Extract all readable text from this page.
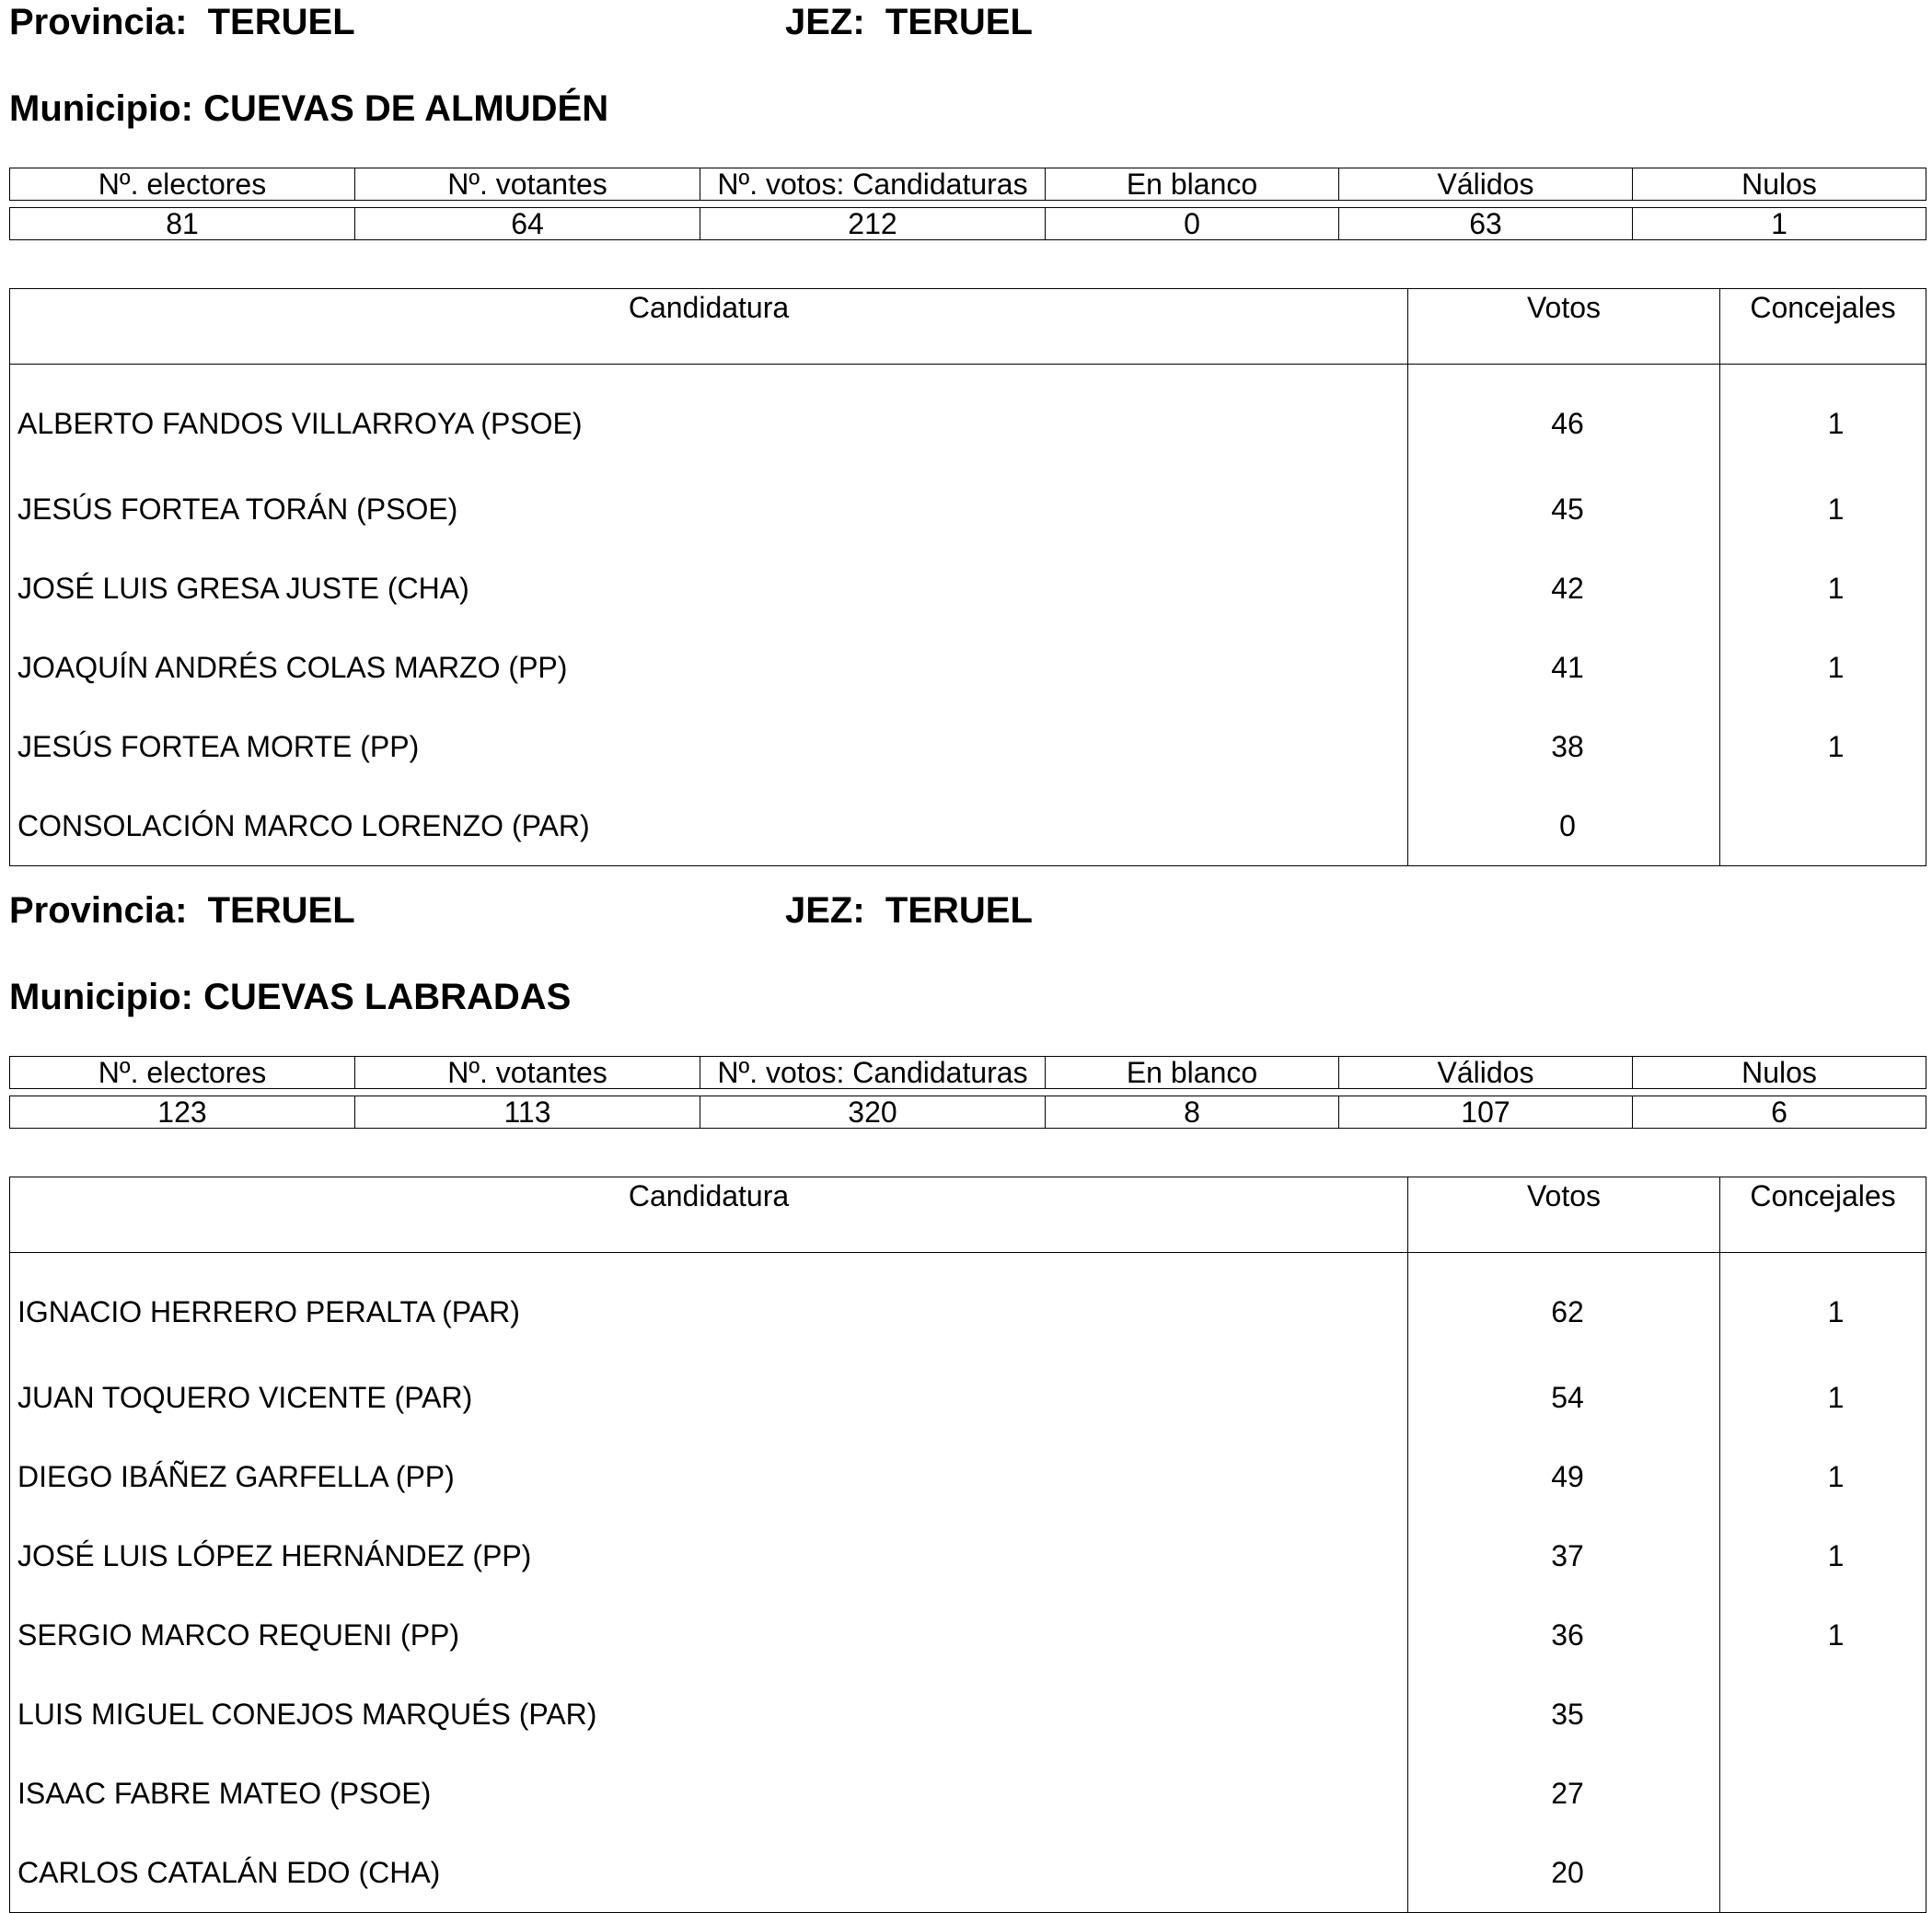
Provincia:  TERUEL	JEZ:  TERUEL
Municipio: CUEVAS DE ALMUDÉN
Nº. electores	Nº. votantes	Nº. votos: Candidaturas	En blanco	Válidos	Nulos

81	64	212	0	63	1
Candidatura	Votos	Concejales
ALBERTO FANDOS VILLARROYA (PSOE)	46	1
JESÚS FORTEA TORÁN (PSOE)	45	1
JOSÉ LUIS GRESA JUSTE (CHA)	42	1
JOAQUÍN ANDRÉS COLAS MARZO (PP)	41	1
JESÚS FORTEA MORTE (PP)	38	1
CONSOLACIÓN MARCO LORENZO (PAR)	0	
Provincia:  TERUEL	JEZ:  TERUEL
Municipio: CUEVAS LABRADAS
Nº. electores	Nº. votantes	Nº. votos: Candidaturas	En blanco	Válidos	Nulos

123	113	320	8	107	6
Candidatura	Votos	Concejales
IGNACIO HERRERO PERALTA (PAR)	62	1
JUAN TOQUERO VICENTE (PAR)	54	1
DIEGO IBÁÑEZ GARFELLA (PP)	49	1
JOSÉ LUIS LÓPEZ HERNÁNDEZ (PP)	37	1
SERGIO MARCO REQUENI (PP)	36	1
LUIS MIGUEL CONEJOS MARQUÉS (PAR)	35	
ISAAC FABRE MATEO (PSOE)	27	
CARLOS CATALÁN EDO (CHA)	20	
